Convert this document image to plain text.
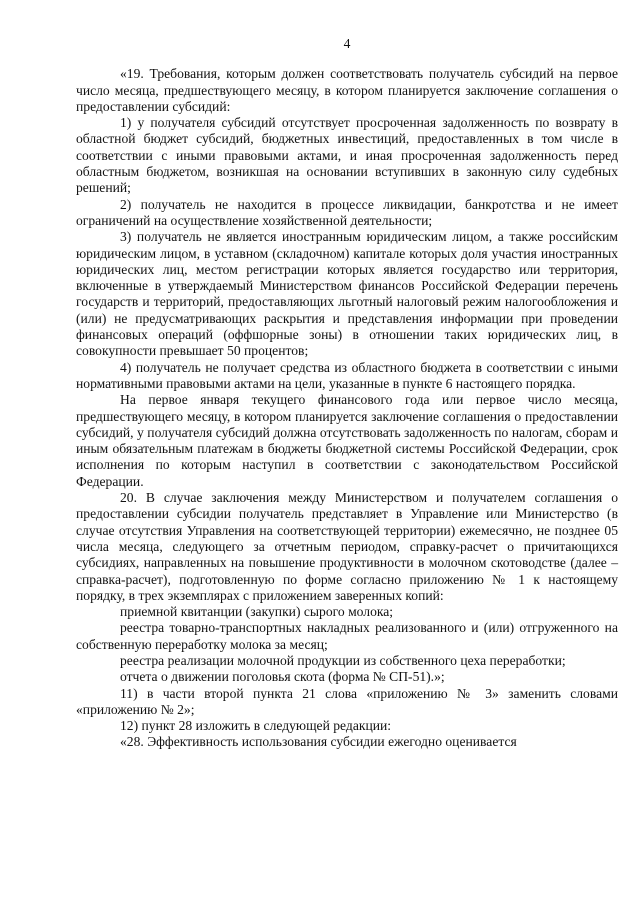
4

«19. Требования, которым должен соответствовать получатель субсидий на первое число месяца, предшествующего месяцу, в котором планируется заключение соглашения о предоставлении субсидий:

1) у получателя субсидий отсутствует просроченная задолженность по возврату в областной бюджет субсидий, бюджетных инвестиций, предоставленных в том числе в соответствии с иными правовыми актами, и иная просроченная задолженность перед областным бюджетом, возникшая на основании вступивших в законную силу судебных решений;

2) получатель не находится в процессе ликвидации, банкротства и не имеет ограничений на осуществление хозяйственной деятельности;

3) получатель не является иностранным юридическим лицом, а также российским юридическим лицом, в уставном (складочном) капитале которых доля участия иностранных юридических лиц, местом регистрации которых является государство или территория, включенные в утверждаемый Министерством финансов Российской Федерации перечень государств и территорий, предоставляющих льготный налоговый режим налогообложения и (или) не предусматривающих раскрытия и представления информации при проведении финансовых операций (оффшорные зоны) в отношении таких юридических лиц, в совокупности превышает 50 процентов;

4) получатель не получает средства из областного бюджета в соответствии с иными нормативными правовыми актами на цели, указанные в пункте 6 настоящего порядка.

На первое января текущего финансового года или первое число месяца, предшествующего месяцу, в котором планируется заключение соглашения о предоставлении субсидий, у получателя субсидий должна отсутствовать задолженность по налогам, сборам и иным обязательным платежам в бюджеты бюджетной системы Российской Федерации, срок исполнения по которым наступил в соответствии с законодательством Российской Федерации.

20. В случае заключения между Министерством и получателем соглашения о предоставлении субсидии получатель представляет в Управление или Министерство (в случае отсутствия Управления на соответствующей территории) ежемесячно, не позднее 05 числа месяца, следующего за отчетным периодом, справку-расчет о причитающихся субсидиях, направленных на повышение продуктивности в молочном скотоводстве (далее – справка-расчет), подготовленную по форме согласно приложению № 1 к настоящему порядку, в трех экземплярах с приложением заверенных копий:

приемной квитанции (закупки) сырого молока;

реестра товарно-транспортных накладных реализованного и (или) отгруженного на собственную переработку молока за месяц;

реестра реализации молочной продукции из собственного цеха переработки;

отчета о движении поголовья скота (форма № СП-51).»;

11) в части второй пункта 21 слова «приложению № 3» заменить словами «приложению № 2»;

12) пункт 28 изложить в следующей редакции:

«28. Эффективность использования субсидии ежегодно оценивается
